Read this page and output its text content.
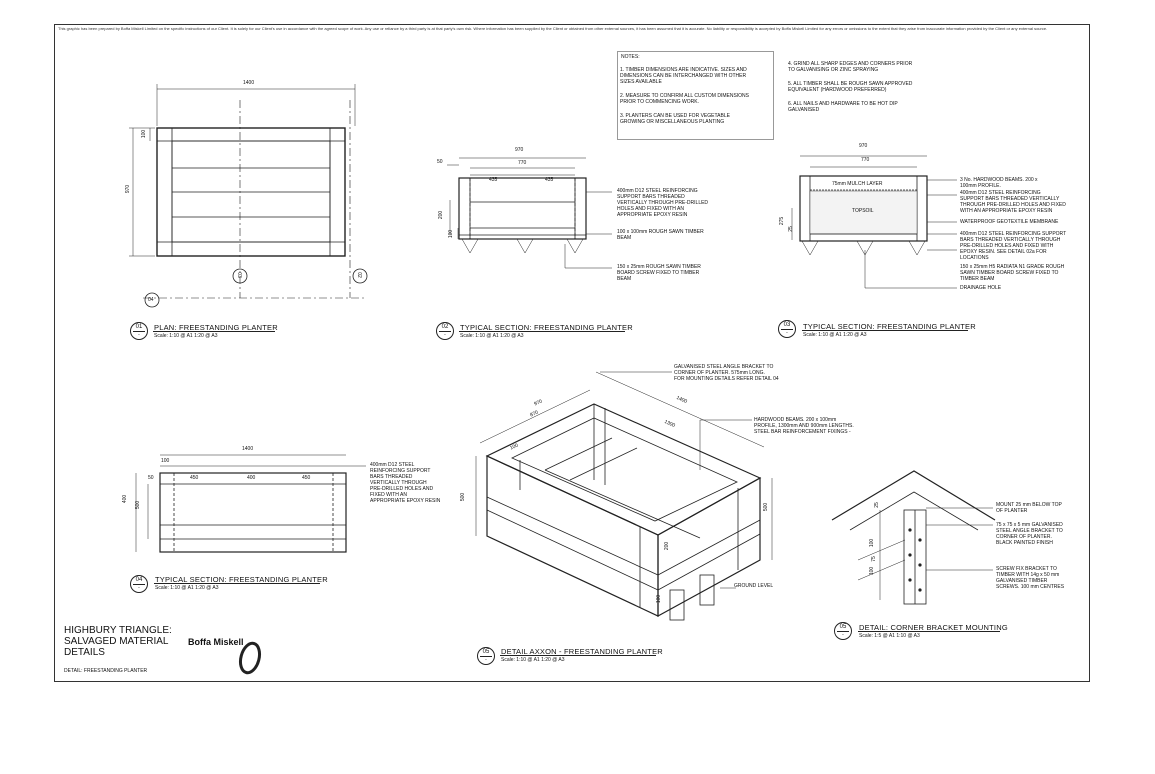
This graphic has been prepared by Boffa Miskell Limited on the specific instructions of our Client. It is solely for our Client's use in accordance with the agreed scope of work. Any use or reliance by a third party is at that party's own risk. Where information has been supplied by the Client or obtained from other external sources, it has been assumed that it is accurate. No liability or responsibility is accepted by Boffa Miskell Limited for any errors or omissions to the extent that they arise from inaccurate information provided by the Client or any external source.
NOTES:
1. TIMBER DIMENSIONS ARE INDICATIVE. SIZES AND
DIMENSIONS CAN BE INTERCHANGED WITH OTHER
SIZES AVAILABLE
2. MEASURE TO CONFIRM ALL CUSTOM DIMENSIONS
PRIOR TO COMMENCING WORK.
3. PLANTERS CAN BE USED FOR VEGETABLE
GROWING OR MISCELLANEOUS PLANTING
4. GRIND ALL SHARP EDGES AND CORNERS PRIOR
TO GALVANISING OR ZINC SPRAYING
5. ALL TIMBER SHALL BE ROUGH SAWN APPROVED
EQUIVALENT (HARDWOOD PREFERRED)
6. ALL NAILS AND HARDWARE TO BE HOT DIP
GALVANISED
1400
970
100
03	02
04
970
770
435	435
50
200
100
400mm D12 STEEL REINFORCING
SUPPORT BARS THREADED
VERTICALLY THROUGH PRE-DRILLED
HOLES AND FIXED WITH AN
APPROPRIATE EPOXY RESIN
100 x 100mm ROUGH SAWN TIMBER
BEAM
150 x 25mm ROUGH SAWN TIMBER
BOARD SCREW FIXED TO TIMBER
BEAM
970
770
275
25
75mm MULCH LAYER
TOPSOIL
3 No. HARDWOOD BEAMS. 200 x
100mm PROFILE.
400mm D12 STEEL REINFORCING
SUPPORT BARS THREADED VERTICALLY
THROUGH PRE-DRILLED HOLES AND FIXED
WITH AN APPROPRIATE EPOXY RESIN
WATERPROOF GEOTEXTILE MEMBRANE
400mm D12 STEEL REINFORCING SUPPORT
BARS THREADED VERTICALLY THROUGH
PRE-DRILLED HOLES AND FIXED WITH
EPOXY RESIN. SEE DETAIL 02a FOR
LOCATIONS
150 x 25mm H5 RADIATA N1 GRADE ROUGH
SAWN TIMBER BOARD SCREW FIXED TO
TIMBER BEAM
DRAINAGE HOLE
1400
100
50	450	400	450
400
500
400mm D12 STEEL
REINFORCING SUPPORT
BARS THREADED
VERTICALLY THROUGH
PRE-DRILLED HOLES AND
FIXED WITH AN
APPROPRIATE EPOXY RESIN
970
870
1400
1300
100
500
500
200
100
GALVANISED STEEL ANGLE BRACKET TO
CORNER OF PLANTER. 575mm LONG.
FOR MOUNTING DETAILS REFER DETAIL 04
HARDWOOD BEAMS. 200 x 100mm
PROFILE, 1300mm AND 900mm LENGTHS.
STEEL BAR REINFORCEMENT FIXINGS -
GROUND LEVEL
25
100
75
100
MOUNT 25 mm BELOW TOP
OF PLANTER
75 x 75 x 5 mm GALVANISED
STEEL ANGLE BRACKET TO
CORNER OF PLANTER.
BLACK PAINTED FINISH
SCREW FIX BRACKET TO
TIMBER WITH 14g x 50 mm
GALVANISED TIMBER
SCREWS. 100 mm CENTRES
01
-
PLAN: FREESTANDING PLANTER
Scale: 1:10 @ A1 1:20 @ A3
02
-
TYPICAL SECTION: FREESTANDING PLANTER
Scale: 1:10 @ A1 1:20 @ A3
03
-
TYPICAL SECTION: FREESTANDING PLANTER
Scale: 1:10 @ A1 1:20 @ A3
04
-
TYPICAL SECTION: FREESTANDING PLANTER
Scale: 1:10 @ A1 1:20 @ A3
05
-
DETAIL AXXON - FREESTANDING PLANTER
Scale: 1:10 @ A1 1:20 @ A3
05
-
DETAIL: CORNER BRACKET MOUNTING
Scale: 1:5 @ A1 1:10 @ A3
HIGHBURY TRIANGLE:
SALVAGED MATERIAL
DETAILS
DETAIL: FREESTANDING PLANTER
Boffa Miskell
